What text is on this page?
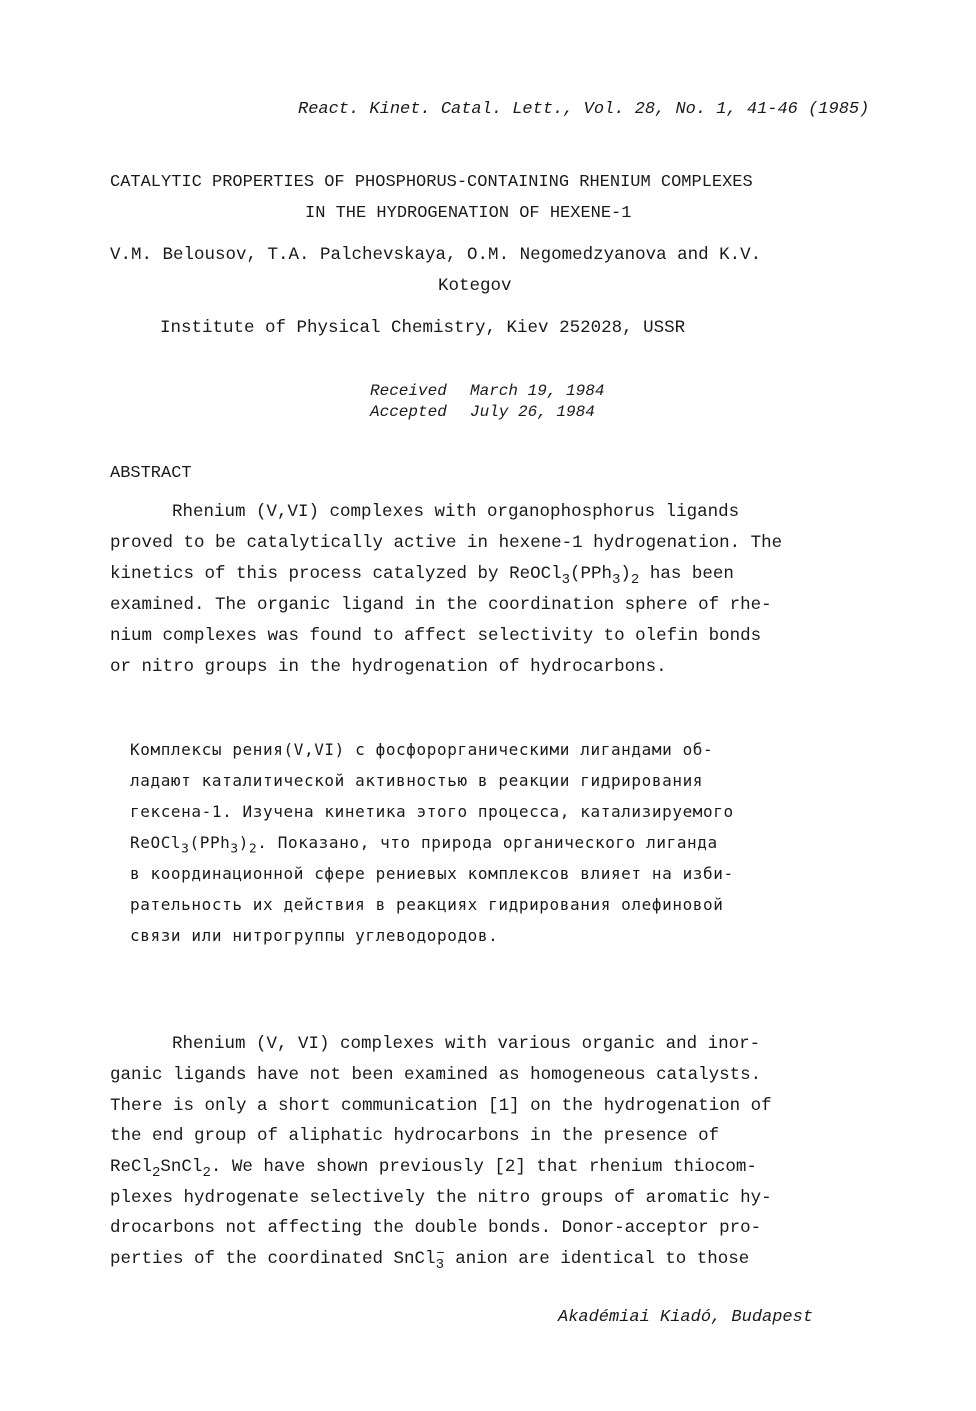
React. Kinet. Catal. Lett., Vol. 28, No. 1, 41-46 (1985)
CATALYTIC PROPERTIES OF PHOSPHORUS-CONTAINING RHENIUM COMPLEXES
IN THE HYDROGENATION OF HEXENE-1
V.M. Belousov, T.A. Palchevskaya, O.M. Negomedzyanova and K.V.
Kotegov
Institute of Physical Chemistry, Kiev 252028, USSR
Received March 19, 1984
Accepted July 26, 1984
ABSTRACT
Rhenium (V,VI) complexes with organophosphorus ligands
proved to be catalytically active in hexene-1 hydrogenation. The
kinetics of this process catalyzed by $ReOCl_3(PPh_3)_2$ has been
examined. The organic ligand in the coordination sphere of rhe-
nium complexes was found to affect selectivity to olefin bonds
or nitro groups in the hydrogenation of hydrocarbons.
Комплексы рения(V,VI) с фосфорорганическими лигандами об-
ладают каталитической активностью в реакции гидрирования
гексена-1. Изучена кинетика этого процесса, катализируемого
$ReOCl_3(PPh_3)_2$. Показано, что природа органического лиганда
в координационной сфере рениевых комплексов влияет на изби-
рательность их действия в реакциях гидрирования олефиновой
связи или нитрогруппы углеводородов.
Rhenium (V, VI) complexes with various organic and inor-
ganic ligands have not been examined as homogeneous catalysts.
There is only a short communication [1] on the hydrogenation of
the end group of aliphatic hydrocarbons in the presence of
ReCl$_2$SnCl$_2$. We have shown previously [2] that rhenium thiocom-
plexes hydrogenate selectively the nitro groups of aromatic hy-
drocarbons not affecting the double bonds. Donor-acceptor pro-
perties of the coordinated SnCl$_3$− anion are identical to those
Akadémiai Kiadó, Budapest
